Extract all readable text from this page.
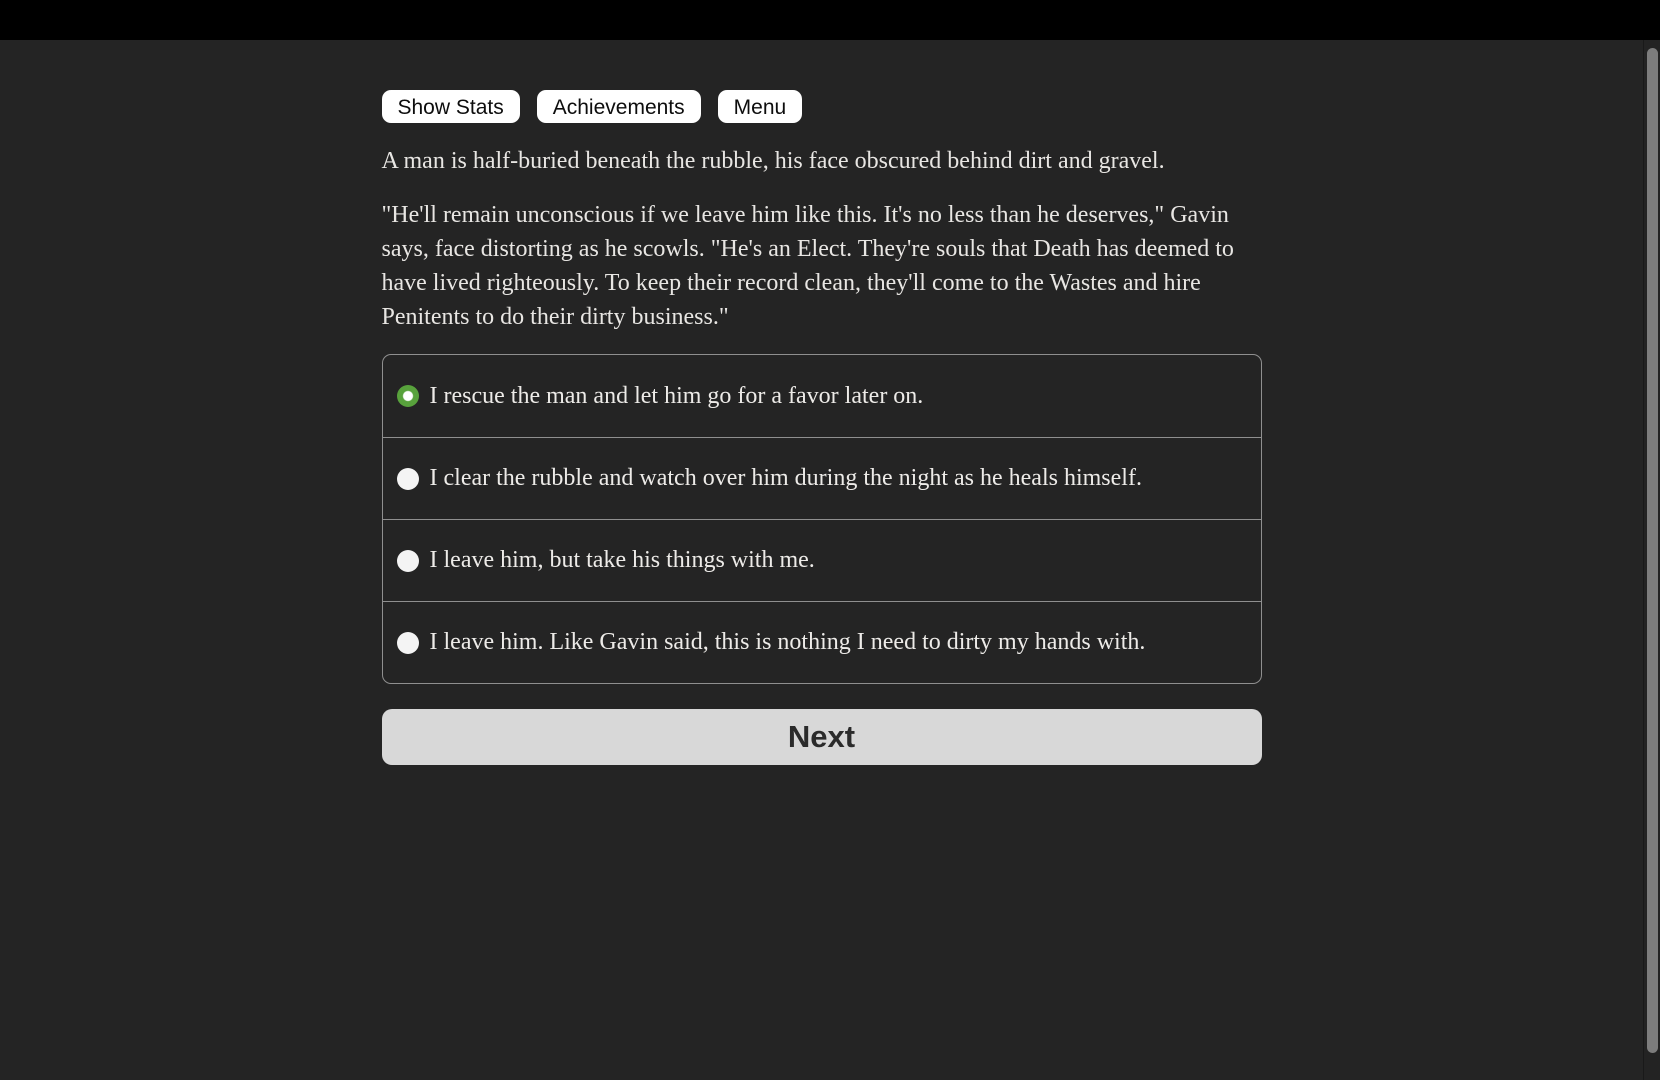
Show Stats	Achievements	Menu

A man is half-buried beneath the rubble, his face obscured behind dirt and gravel.

"He'll remain unconscious if we leave him like this. It's no less than he deserves," Gavin says, face distorting as he scowls. "He's an Elect. They're souls that Death has deemed to have lived righteously. To keep their record clean, they'll come to the Wastes and hire Penitents to do their dirty business."

I rescue the man and let him go for a favor later on.
I clear the rubble and watch over him during the night as he heals himself.
I leave him, but take his things with me.
I leave him. Like Gavin said, this is nothing I need to dirty my hands with.
Next
